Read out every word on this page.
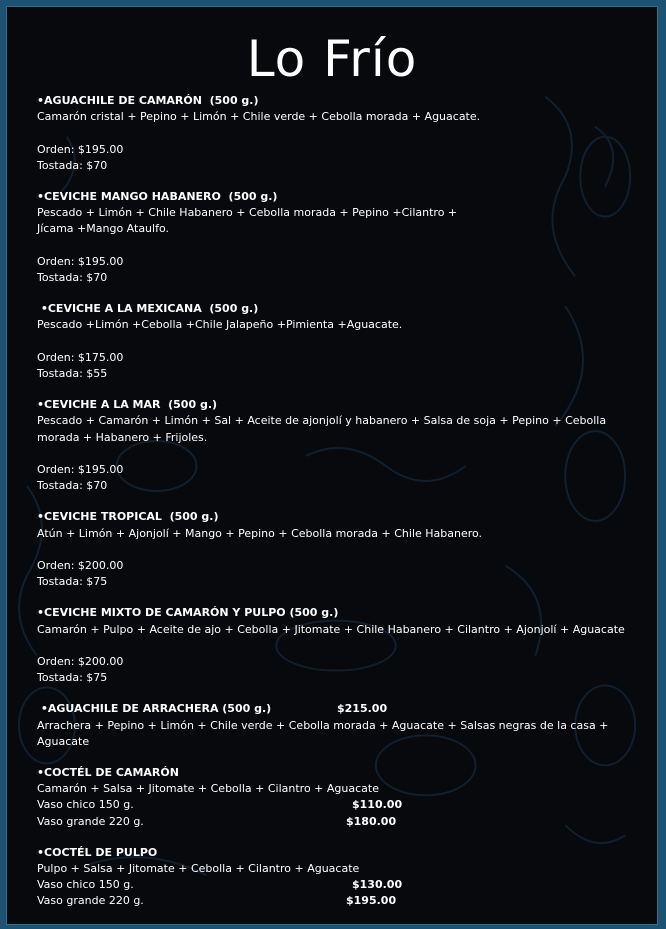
Lo Frío
•AGUACHILE DE CAMARÓN  (500 g.)
Camarón cristal + Pepino + Limón + Chile verde + Cebolla morada + Aguacate.
Orden: $195.00
Tostada: $70
•CEVICHE MANGO HABANERO  (500 g.)
Pescado + Limón + Chile Habanero + Cebolla morada + Pepino +Cilantro +
Jícama +Mango Ataulfo.
Orden: $195.00
Tostada: $70
•CEVICHE A LA MEXICANA  (500 g.)
Pescado +Limón +Cebolla +Chile Jalapeño +Pimienta +Aguacate.
Orden: $175.00
Tostada: $55
•CEVICHE A LA MAR  (500 g.)
Pescado + Camarón + Limón + Sal + Aceite de ajonjolí y habanero + Salsa de soja + Pepino + Cebolla
morada + Habanero + Frijoles.
Orden: $195.00
Tostada: $70
•CEVICHE TROPICAL  (500 g.)
Atún + Limón + Ajonjolí + Mango + Pepino + Cebolla morada + Chile Habanero.
Orden: $200.00
Tostada: $75
•CEVICHE MIXTO DE CAMARÓN Y PULPO (500 g.)
Camarón + Pulpo + Aceite de ajo + Cebolla + Jitomate + Chile Habanero + Cilantro + Ajonjolí + Aguacate
Orden: $200.00
Tostada: $75
•AGUACHILE DE ARRACHERA (500 g.)	$215.00
Arrachera + Pepino + Limón + Chile verde + Cebolla morada + Aguacate + Salsas negras de la casa +
Aguacate
•COCTÉL DE CAMARÓN
Camarón + Salsa + Jitomate + Cebolla + Cilantro + Aguacate
Vaso chico 150 g.	$110.00
Vaso grande 220 g.	$180.00
•COCTÉL DE PULPO
Pulpo + Salsa + Jitomate + Cebolla + Cilantro + Aguacate
Vaso chico 150 g.	$130.00
Vaso grande 220 g.	$195.00
